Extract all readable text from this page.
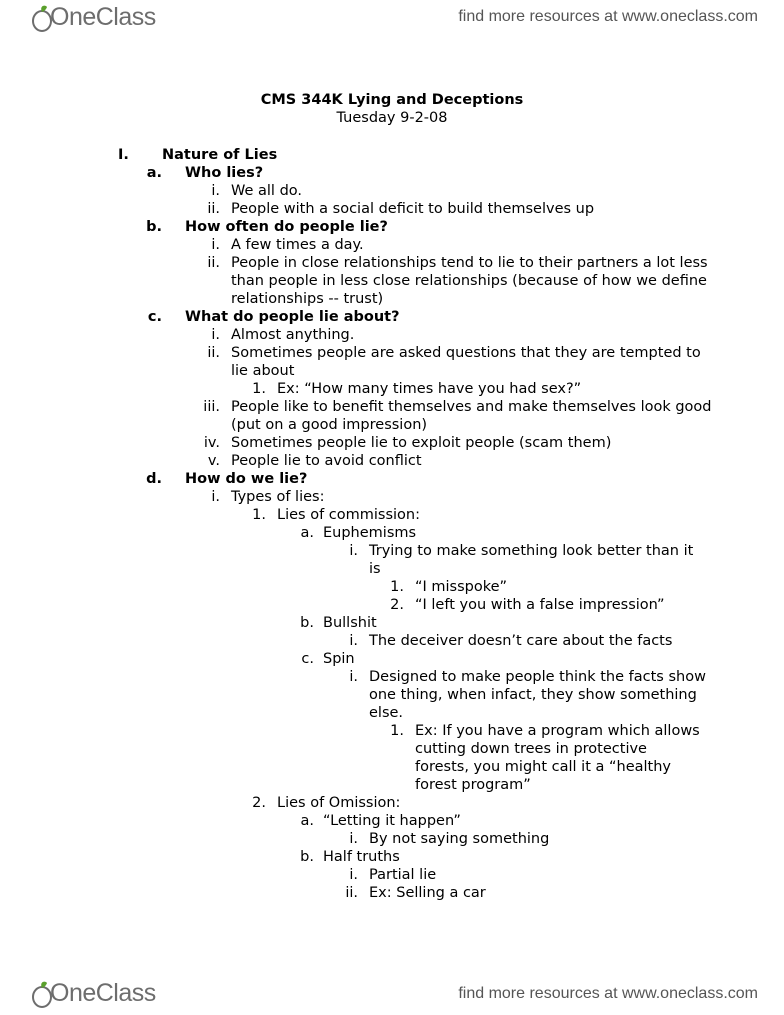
OneClass	find more resources at www.oneclass.com
CMS 344K Lying and Deceptions
Tuesday 9-2-08
I.	Nature of Lies
a. Who lies?
i. We all do.
ii. People with a social deficit to build themselves up
b. How often do people lie?
i. A few times a day.
ii. People in close relationships tend to lie to their partners a lot less
than people in less close relationships (because of how we define
relationships -- trust)
c. What do people lie about?
i. Almost anything.
ii. Sometimes people are asked questions that they are tempted to
lie about
1. Ex: “How many times have you had sex?”
iii. People like to benefit themselves and make themselves look good
(put on a good impression)
iv. Sometimes people lie to exploit people (scam them)
v. People lie to avoid conflict
d. How do we lie?
i. Types of lies:
1. Lies of commission:
a. Euphemisms
i. Trying to make something look better than it
is
1. “I misspoke”
2. “I left you with a false impression”
b. Bullshit
i. The deceiver doesn’t care about the facts
c. Spin
i. Designed to make people think the facts show
one thing, when infact, they show something
else.
1. Ex: If you have a program which allows
cutting down trees in protective
forests, you might call it a “healthy
forest program”
2. Lies of Omission:
a. “Letting it happen”
i. By not saying something
b. Half truths
i. Partial lie
ii. Ex: Selling a car
OneClass	find more resources at www.oneclass.com
